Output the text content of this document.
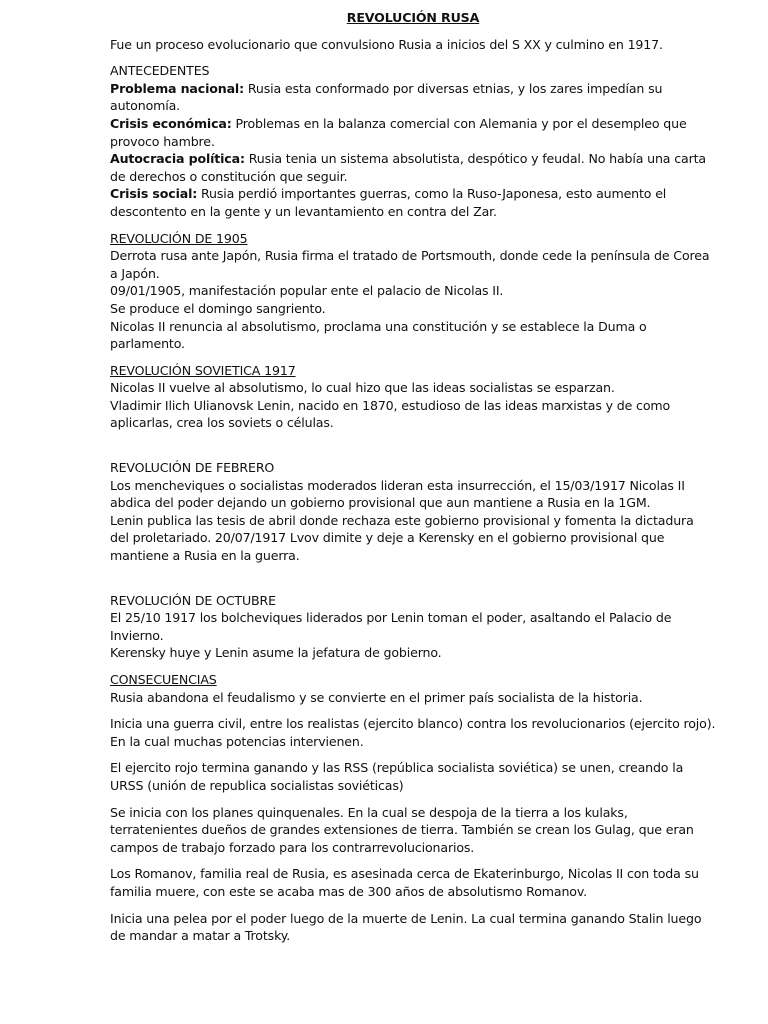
REVOLUCIÓN RUSA

Fue un proceso evolucionario que convulsiono Rusia a inicios del S XX y culmino en 1917.

ANTECEDENTES

Problema nacional: Rusia esta conformado por diversas etnias, y los zares impedían su autonomía.

Crisis económica: Problemas en la balanza comercial con Alemania y por el desempleo que provoco hambre.

Autocracia política: Rusia tenia un sistema absolutista, despótico y feudal. No había una carta de derechos o constitución que seguir.

Crisis social: Rusia perdió importantes guerras, como la Ruso-Japonesa, esto aumento el descontento en la gente y un levantamiento en contra del Zar.

REVOLUCIÓN DE 1905

Derrota rusa ante Japón, Rusia firma el tratado de Portsmouth, donde cede la península de Corea a Japón.

09/01/1905, manifestación popular ente el palacio de Nicolas II.

Se produce el domingo sangriento.

Nicolas II renuncia al absolutismo, proclama una constitución y se establece la Duma o parlamento.

REVOLUCIÓN SOVIETICA 1917

Nicolas II vuelve al absolutismo, lo cual hizo que las ideas socialistas se esparzan.

Vladimir Ilich Ulianovsk Lenin, nacido en 1870, estudioso de las ideas marxistas y de como aplicarlas, crea los soviets o células.

REVOLUCIÓN DE FEBRERO

Los mencheviques o socialistas moderados lideran esta insurrección, el 15/03/1917 Nicolas II abdica del poder dejando un gobierno provisional que aun mantiene a Rusia en la 1GM.

Lenin publica las tesis de abril donde rechaza este gobierno provisional y fomenta la dictadura del proletariado. 20/07/1917 Lvov dimite y deje a Kerensky en el gobierno provisional que mantiene a Rusia en la guerra.

REVOLUCIÓN DE OCTUBRE

El 25/10 1917 los bolcheviques liderados por Lenin toman el poder, asaltando el Palacio de Invierno.

Kerensky huye y Lenin asume la jefatura de gobierno.

CONSECUENCIAS

Rusia abandona el feudalismo y se convierte en el primer país socialista de la historia.

Inicia una guerra civil, entre los realistas (ejercito blanco) contra los revolucionarios (ejercito rojo). En la cual muchas potencias intervienen.

El ejercito rojo termina ganando y las RSS (república socialista soviética) se unen, creando la URSS (unión de republica socialistas soviéticas)

Se inicia con los planes quinquenales. En la cual se despoja de la tierra a los kulaks, terratenientes dueños de grandes extensiones de tierra. También se crean los Gulag, que eran campos de trabajo forzado para los contrarrevolucionarios.

Los Romanov, familia real de Rusia, es asesinada cerca de Ekaterinburgo, Nicolas II con toda su familia muere, con este se acaba mas de 300 años de absolutismo Romanov.

Inicia una pelea por el poder luego de la muerte de Lenin. La cual termina ganando Stalin luego de mandar a matar a Trotsky.
